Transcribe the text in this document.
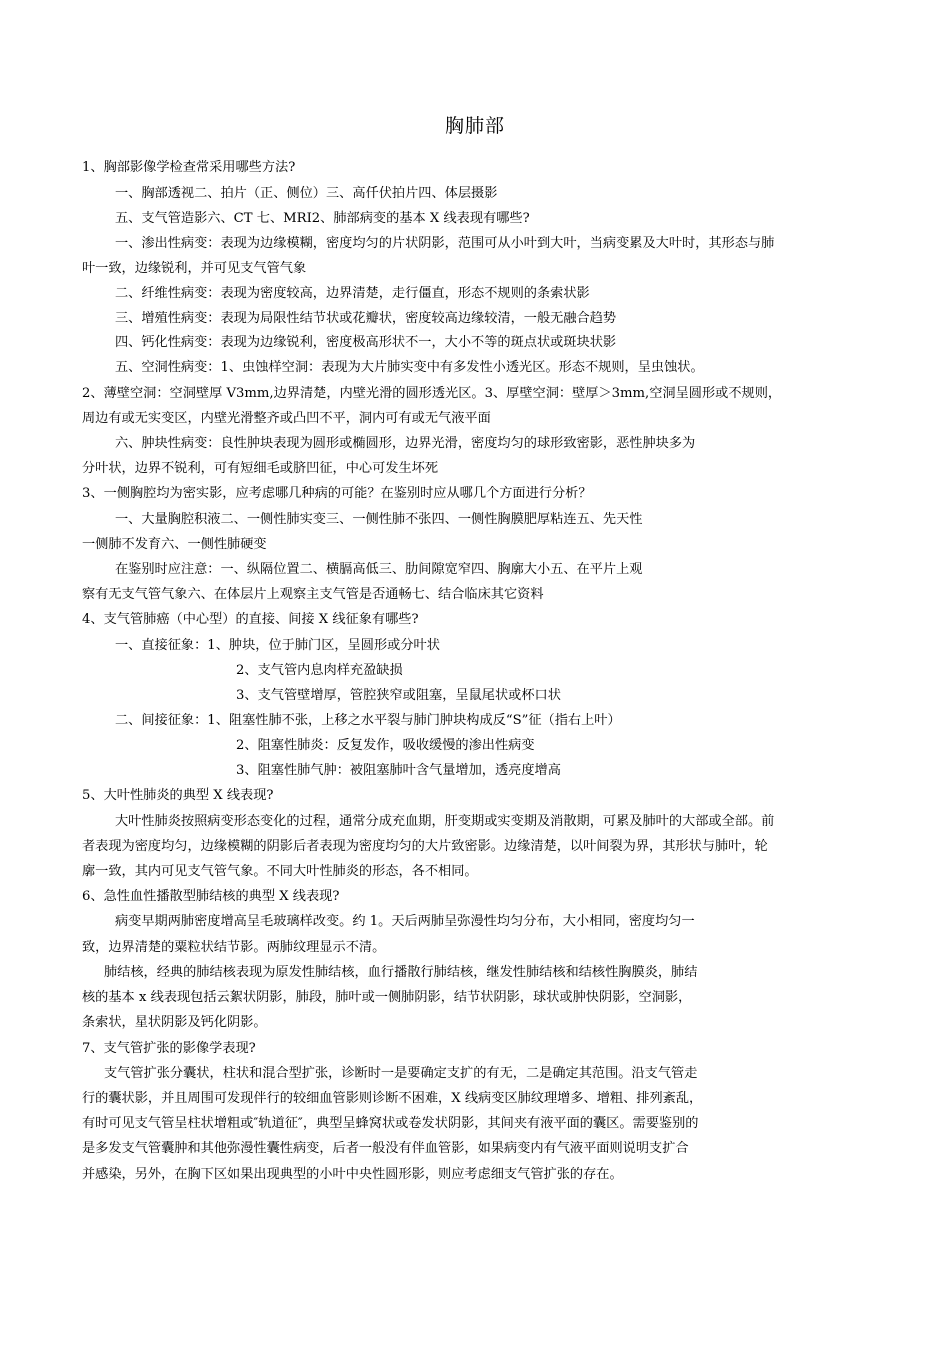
胸肺部
1、胸部影像学检查常采用哪些方法?
一、胸部透视二、拍片（正、侧位）三、高仟伏拍片四、体层摄影
五、支气管造影六、CT 七、MRI2、肺部病变的基本 X 线表现有哪些?
一、渗出性病变：表现为边缘模糊，密度均匀的片状阴影，范围可从小叶到大叶，当病变累及大叶时，其形态与肺
叶一致，边缘锐利，并可见支气管气象
二、纤维性病变：表现为密度较高，边界清楚，走行僵直，形态不规则的条索状影
三、增殖性病变：表现为局限性结节状或花瓣状，密度较高边缘较清，一般无融合趋势
四、钙化性病变：表现为边缘锐利，密度极高形状不一，大小不等的斑点状或斑块状影
五、空洞性病变：1、虫蚀样空洞：表现为大片肺实变中有多发性小透光区。形态不规则，呈虫蚀状。
2、薄壁空洞：空洞壁厚 V3mm,边界清楚，内壁光滑的圆形透光区。3、厚壁空洞：壁厚＞3mm,空洞呈圆形或不规则，
周边有或无实变区，内壁光滑整齐或凸凹不平，洞内可有或无气液平面
六、肿块性病变：良性肿块表现为圆形或椭圆形，边界光滑，密度均匀的球形致密影，恶性肿块多为
分叶状，边界不锐利，可有短细毛或脐凹征，中心可发生坏死
3、一侧胸腔均为密实影，应考虑哪几种病的可能？在鉴别时应从哪几个方面进行分析？
一、大量胸腔积液二、一侧性肺实变三、一侧性肺不张四、一侧性胸膜肥厚粘连五、先天性
一侧肺不发育六、一侧性肺硬变
在鉴别时应注意：一、纵隔位置二、横膈高低三、肋间隙宽窄四、胸廓大小五、在平片上观
察有无支气管气象六、在体层片上观察主支气管是否通畅七、结合临床其它资料
4、支气管肺癌（中心型）的直接、间接 X 线征象有哪些?
一、直接征象：1、肿块，位于肺门区，呈圆形或分叶状
2、支气管内息肉样充盈缺损
3、支气管壁增厚，管腔狭窄或阻塞，呈鼠尾状或杯口状
二、间接征象：1、阻塞性肺不张，上移之水平裂与肺门肿块构成反“S”征（指右上叶）
2、阻塞性肺炎：反复发作，吸收缓慢的渗出性病变
3、阻塞性肺气肿：被阻塞肺叶含气量增加，透亮度增高
5、大叶性肺炎的典型 X 线表现?
大叶性肺炎按照病变形态变化的过程，通常分成充血期，肝变期或实变期及消散期，可累及肺叶的大部或全部。前
者表现为密度均匀，边缘模糊的阴影后者表现为密度均匀的大片致密影。边缘清楚，以叶间裂为界，其形状与肺叶，轮
廓一致，其内可见支气管气象。不同大叶性肺炎的形态，各不相同。
6、急性血性播散型肺结核的典型 X 线表现?
病变早期两肺密度增高呈毛玻璃样改变。约 1。天后两肺呈弥漫性均匀分布，大小相同，密度均匀一
致，边界清楚的粟粒状结节影。两肺纹理显示不清。
肺结核，经典的肺结核表现为原发性肺结核，血行播散行肺结核，继发性肺结核和结核性胸膜炎，肺结
核的基本 x 线表现包括云絮状阴影，肺段，肺叶或一侧肺阴影，结节状阴影，球状或肿快阴影，空洞影，
条索状，星状阴影及钙化阴影。
7、支气管扩张的影像学表现?
支气管扩张分囊状，柱状和混合型扩张，诊断时一是要确定支扩的有无，二是确定其范围。沿支气管走
行的囊状影，并且周围可发现伴行的较细血管影则诊断不困难，X 线病变区肺纹理增多、增粗、排列紊乱，
有时可见支气管呈柱状增粗或″轨道征″，典型呈蜂窝状或卷发状阴影，其间夹有液平面的囊区。需要鉴别的
是多发支气管囊肿和其他弥漫性囊性病变，后者一般没有伴血管影，如果病变内有气液平面则说明支扩合
并感染，另外，在胸下区如果出现典型的小叶中央性圆形影，则应考虑细支气管扩张的存在。
